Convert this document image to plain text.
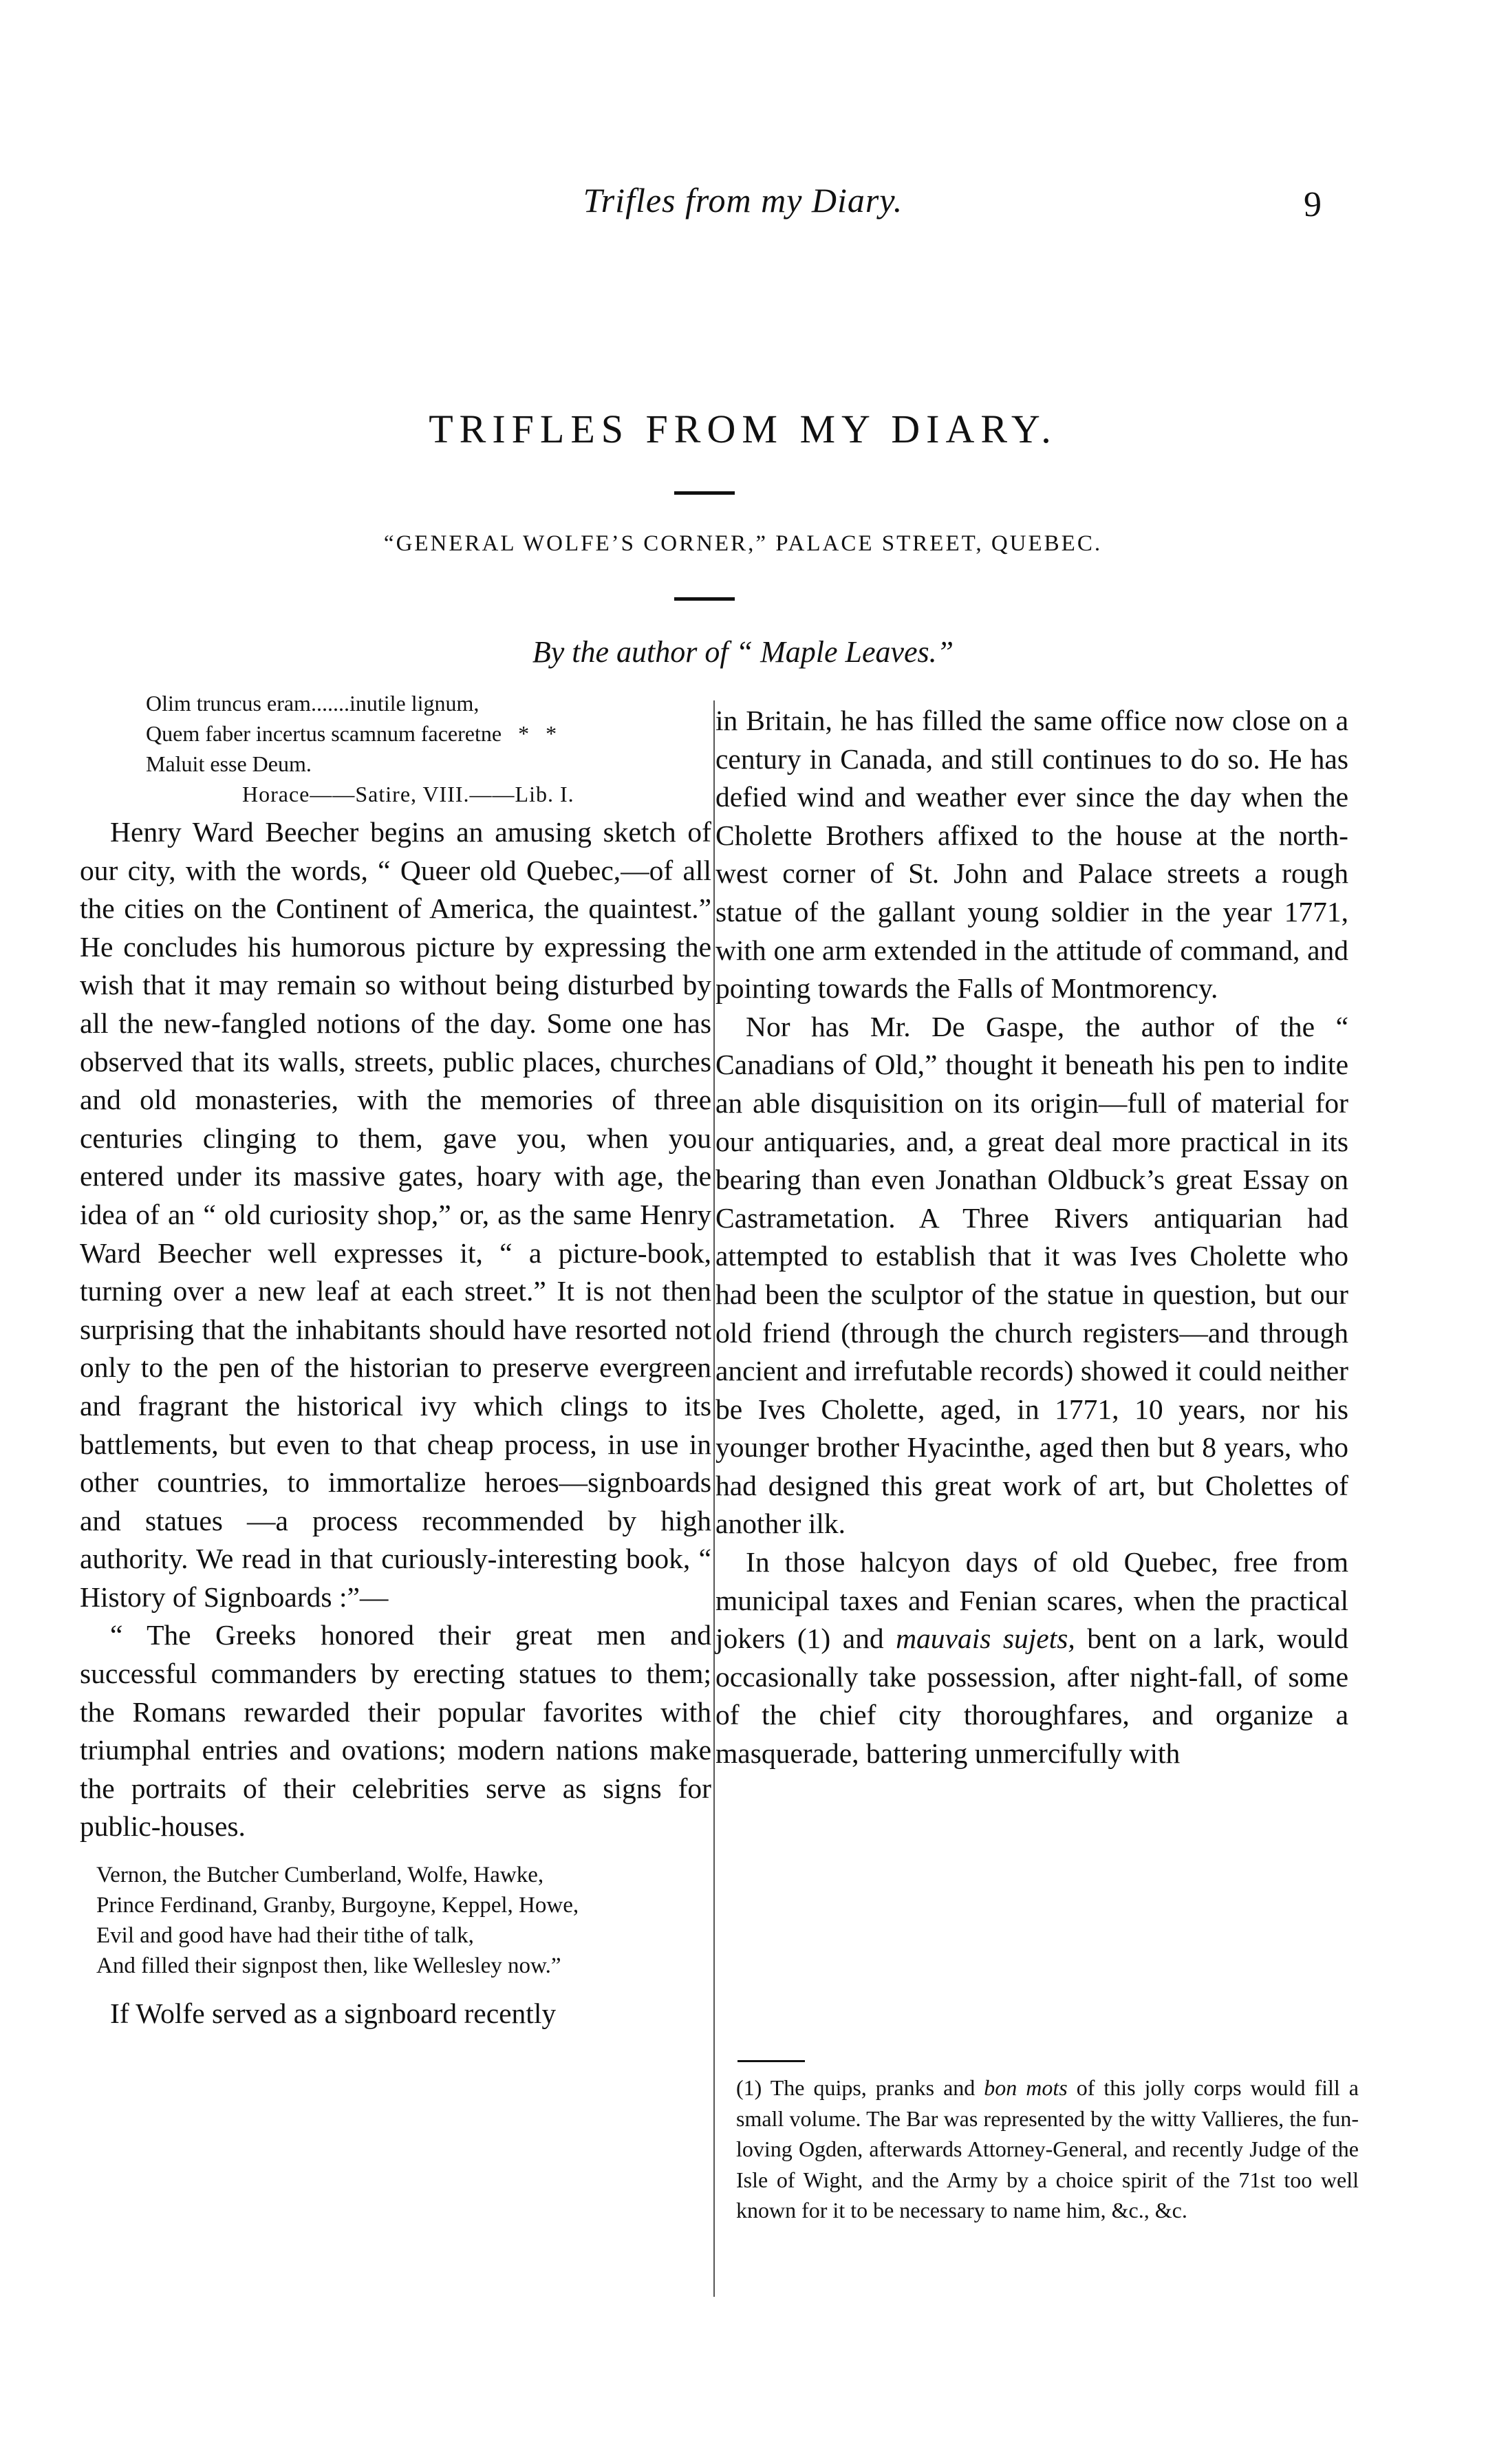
Trifles from my Diary.	9
TRIFLES FROM MY DIARY.
“GENERAL WOLFE’S CORNER,” PALACE STREET, QUEBEC.
By the author of “ Maple Leaves.”
Olim truncus eram.......inutile lignum,
Quem faber incertus scamnum faceretne   *   *
Maluit esse Deum.
Horace——Satire, VIII.——Lib. I.

Henry Ward Beecher begins an amusing sketch of our city, with the words, “ Queer old Quebec,—of all the cities on the Continent of America, the quaintest.” He concludes his humorous picture by expressing the wish that it may remain so without being disturbed by all the new-fangled notions of the day. Some one has observed that its walls, streets, public places, churches and old monasteries, with the memories of three centuries clinging to them, gave you, when you entered under its massive gates, hoary with age, the idea of an “ old curiosity shop,” or, as the same Henry Ward Beecher well expresses it, “ a picture-book, turning over a new leaf at each street.” It is not then surprising that the inhabitants should have resorted not only to the pen of the historian to preserve evergreen and fragrant the historical ivy which clings to its battlements, but even to that cheap process, in use in other countries, to immortalize heroes—signboards and statues —a process recommended by high authority. We read in that curiously-interesting book, “ History of Signboards :”—

“ The Greeks honored their great men and successful commanders by erecting statues to them; the Romans rewarded their popular favorites with triumphal entries and ovations; modern nations make the portraits of their celebrities serve as signs for public-houses.

Vernon, the Butcher Cumberland, Wolfe, Hawke,
Prince Ferdinand, Granby, Burgoyne, Keppel, Howe,
Evil and good have had their tithe of talk,
And filled their signpost then, like Wellesley now.”

If Wolfe served as a signboard recently

in Britain, he has filled the same office now close on a century in Canada, and still continues to do so. He has defied wind and weather ever since the day when the Cholette Brothers affixed to the house at the north-west corner of St. John and Palace streets a rough statue of the gallant young soldier in the year 1771, with one arm extended in the attitude of command, and pointing towards the Falls of Montmorency.

Nor has Mr. De Gaspe, the author of the “ Canadians of Old,” thought it beneath his pen to indite an able disquisition on its origin—full of material for our antiquaries, and, a great deal more practical in its bearing than even Jonathan Oldbuck’s great Essay on Castrametation. A Three Rivers antiquarian had attempted to establish that it was Ives Cholette who had been the sculptor of the statue in question, but our old friend (through the church registers—and through ancient and irrefutable records) showed it could neither be Ives Cholette, aged, in 1771, 10 years, nor his younger brother Hyacinthe, aged then but 8 years, who had designed this great work of art, but Cholettes of another ilk.

In those halcyon days of old Quebec, free from municipal taxes and Fenian scares, when the practical jokers (1) and mauvais sujets, bent on a lark, would occasionally take possession, after night-fall, of some of the chief city thoroughfares, and organize a masquerade, battering unmercifully with

(1) The quips, pranks and bon mots of this jolly corps would fill a small volume. The Bar was represented by the witty Vallieres, the fun-loving Ogden, afterwards Attorney-General, and recently Judge of the Isle of Wight, and the Army by a choice spirit of the 71st too well known for it to be necessary to name him, &c., &c.
